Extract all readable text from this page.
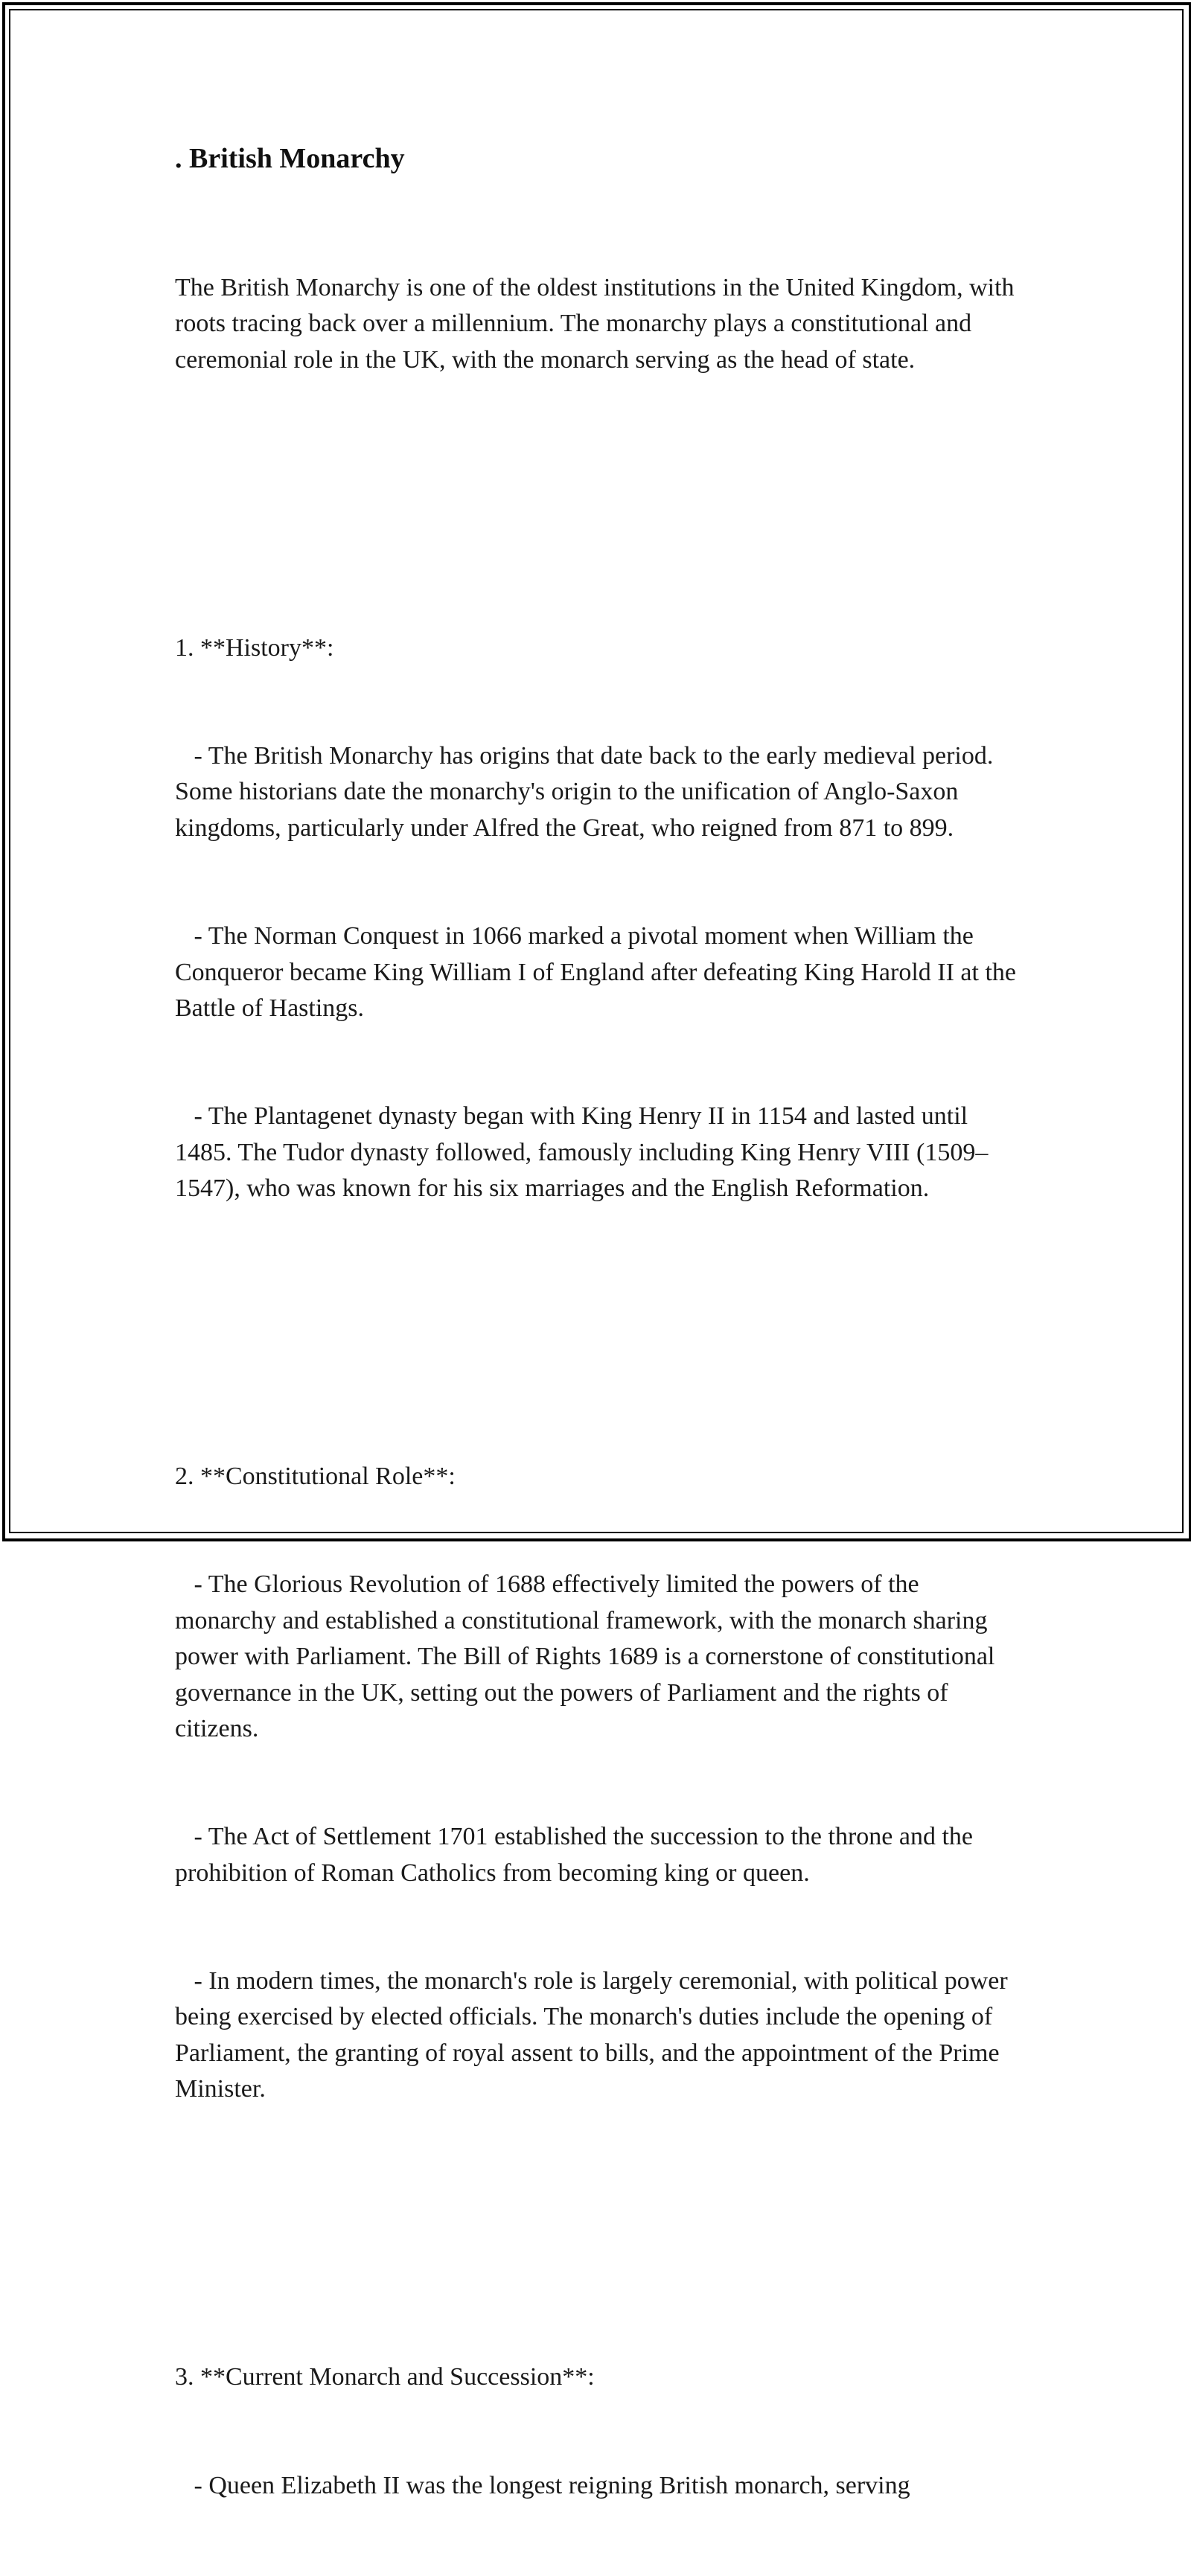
. British Monarchy

The British Monarchy is one of the oldest institutions in the United Kingdom, with roots tracing back over a millennium. The monarchy plays a constitutional and ceremonial role in the UK, with the monarch serving as the head of state.

1. **History**:

- The British Monarchy has origins that date back to the early medieval period. Some historians date the monarchy's origin to the unification of Anglo-Saxon kingdoms, particularly under Alfred the Great, who reigned from 871 to 899.

- The Norman Conquest in 1066 marked a pivotal moment when William the Conqueror became King William I of England after defeating King Harold II at the Battle of Hastings.

- The Plantagenet dynasty began with King Henry II in 1154 and lasted until 1485. The Tudor dynasty followed, famously including King Henry VIII (1509–1547), who was known for his six marriages and the English Reformation.

2. **Constitutional Role**:

- The Glorious Revolution of 1688 effectively limited the powers of the monarchy and established a constitutional framework, with the monarch sharing power with Parliament. The Bill of Rights 1689 is a cornerstone of constitutional governance in the UK, setting out the powers of Parliament and the rights of citizens.

- The Act of Settlement 1701 established the succession to the throne and the prohibition of Roman Catholics from becoming king or queen.

- In modern times, the monarch's role is largely ceremonial, with political power being exercised by elected officials. The monarch's duties include the opening of Parliament, the granting of royal assent to bills, and the appointment of the Prime Minister.

3. **Current Monarch and Succession**:

- Queen Elizabeth II was the longest reigning British monarch, serving
